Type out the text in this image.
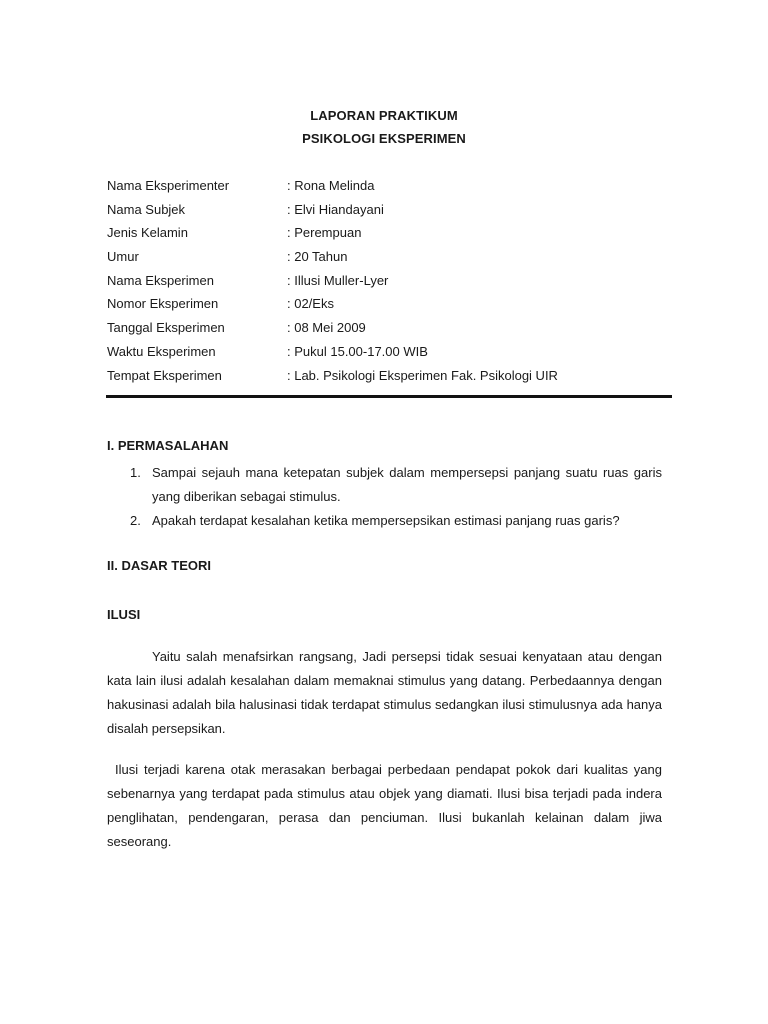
LAPORAN PRAKTIKUM
PSIKOLOGI EKSPERIMEN
Nama Eksperimenter	: Rona Melinda
Nama Subjek	: Elvi Hiandayani
Jenis Kelamin	: Perempuan
Umur	: 20 Tahun
Nama Eksperimen	: Illusi Muller-Lyer
Nomor Eksperimen	: 02/Eks
Tanggal Eksperimen	: 08 Mei 2009
Waktu Eksperimen	: Pukul 15.00-17.00 WIB
Tempat Eksperimen	: Lab. Psikologi Eksperimen Fak. Psikologi UIR
I. PERMASALAHAN
1. Sampai sejauh mana ketepatan subjek dalam mempersepsi panjang suatu ruas garis yang diberikan sebagai stimulus.
2. Apakah terdapat kesalahan ketika mempersepsikan estimasi panjang ruas garis?
II. DASAR TEORI
ILUSI
Yaitu salah menafsirkan rangsang, Jadi persepsi tidak sesuai kenyataan atau dengan kata lain ilusi adalah kesalahan dalam memaknai stimulus yang datang. Perbedaannya dengan hakusinasi adalah bila halusinasi tidak terdapat stimulus sedangkan ilusi stimulusnya ada hanya disalah persepsikan.
Ilusi terjadi karena otak merasakan berbagai perbedaan pendapat pokok dari kualitas yang sebenarnya yang terdapat pada stimulus atau objek yang diamati. Ilusi bisa terjadi pada indera penglihatan, pendengaran, perasa dan penciuman. Ilusi bukanlah kelainan dalam jiwa seseorang.
